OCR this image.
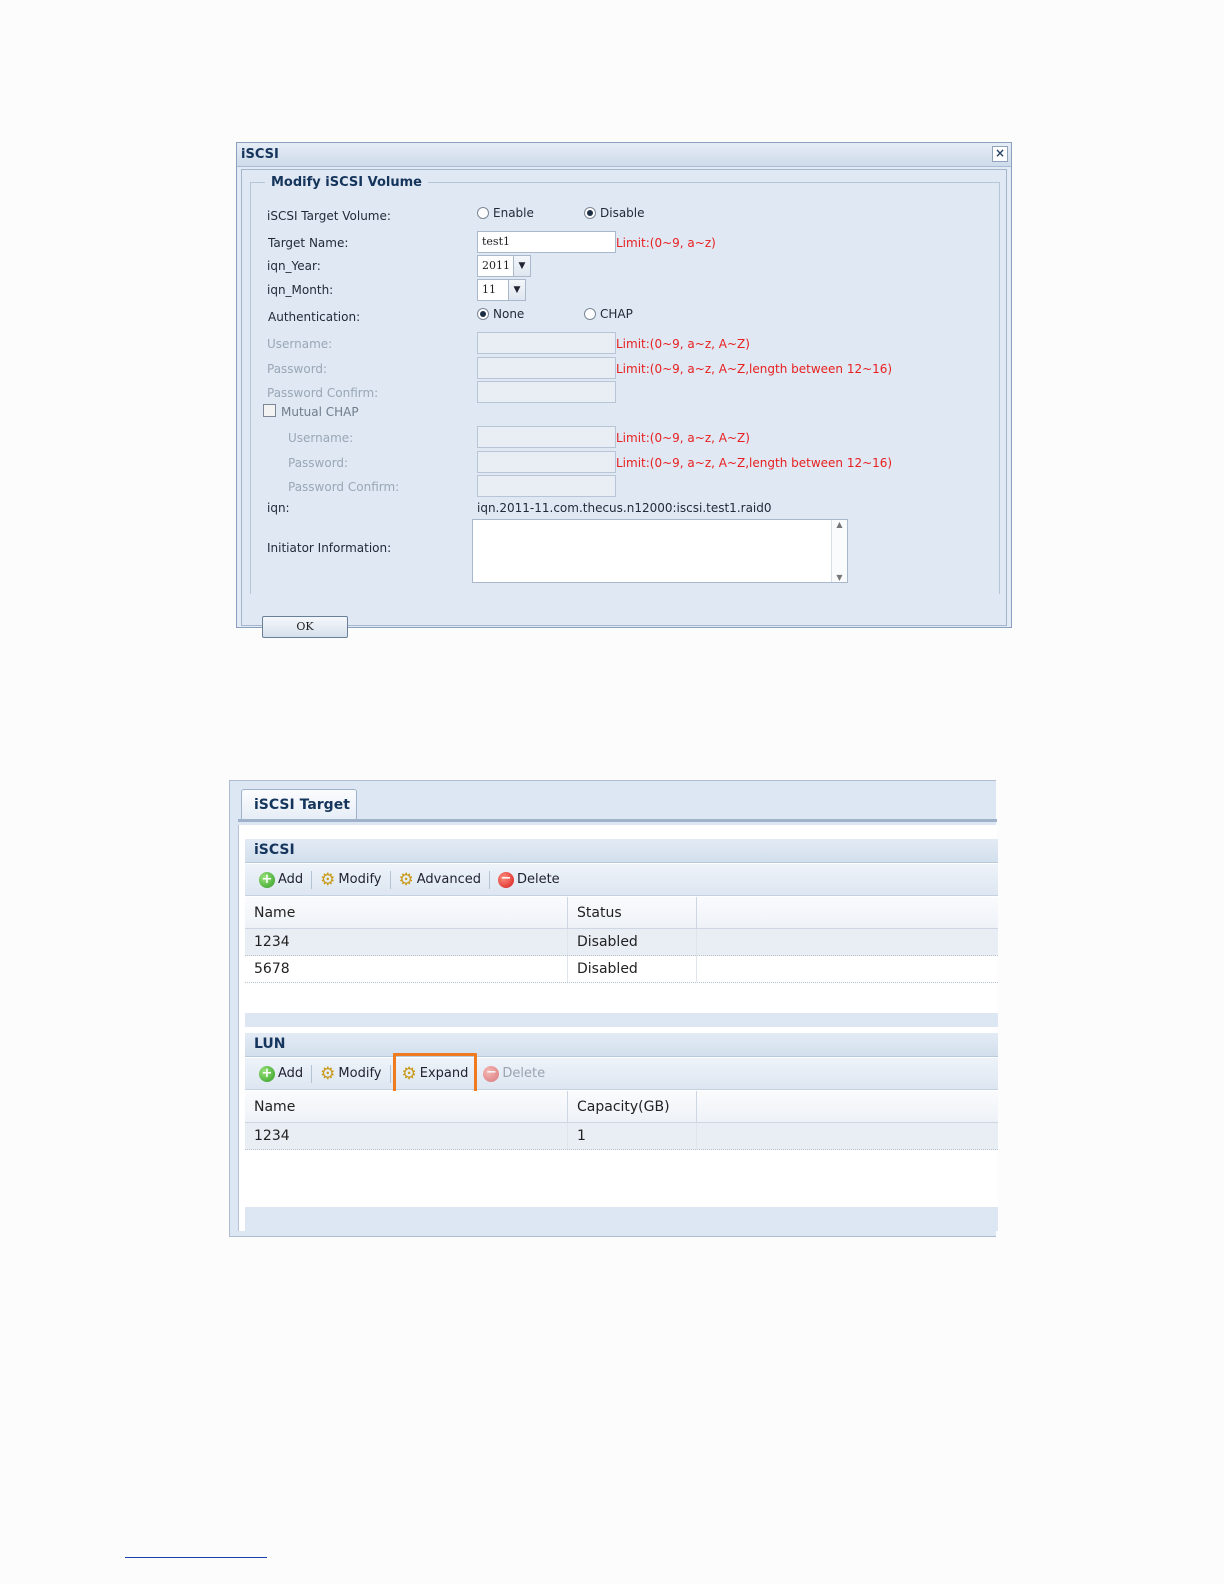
iSCSI	×
Modify iSCSI Volume
iSCSI Target Volume:	Enable	Disable
Target Name:	test1	Limit:(0~9, a~z)
iqn_Year:	2011 ▼
iqn_Month:	11	▼
Authentication:	None	CHAP
Username:	Limit:(0~9, a~z, A~Z)
Password:	Limit:(0~9, a~z, A~Z,length between 12~16)
Password Confirm:
Mutual CHAP
Username:	Limit:(0~9, a~z, A~Z)
Password:	Limit:(0~9, a~z, A~Z,length between 12~16)
Password Confirm:
iqn:	iqn.2011-11.com.thecus.n12000:iscsi.test1.raid0
Initiator Information:
▲
▼
OK
iSCSI Target
iSCSI
+ Add ⚙ Modify ⚙ Advanced − Delete
Name	Status
1234	Disabled
5678	Disabled
LUN
+ Add ⚙ Modify ⚙ Expand − Delete
Name	Capacity(GB)
1234	1
